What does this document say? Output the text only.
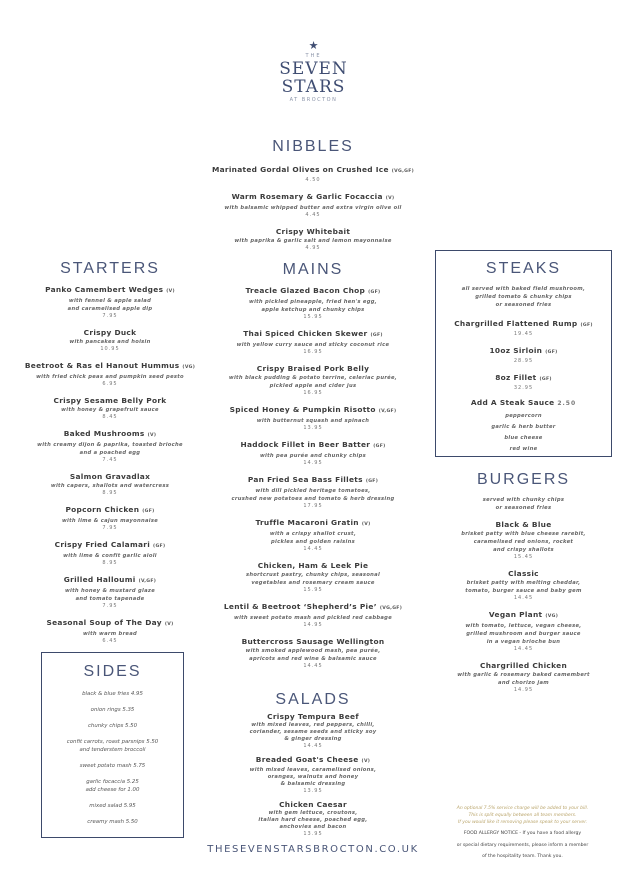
★
THE
SEVEN
STARS
AT BROCTON
NIBBLES
Marinated Gordal Olives on Crushed Ice (VG,GF)
4.50
Warm Rosemary & Garlic Focaccia (V)
with balsamic whipped butter and extra virgin olive oil
4.45
Crispy Whitebait
with paprika & garlic salt and lemon mayonnaise
4.95
STARTERS
Panko Camembert Wedges (V)
with fennel & apple salad
and caramelised apple dip
7.95
Crispy Duck
with pancakes and hoisin
10.95
Beetroot & Ras el Hanout Hummus (VG)
with fried chick peas and pumpkin seed pesto
6.95
Crispy Sesame Belly Pork
with honey & grapefruit sauce
8.45
Baked Mushrooms (V)
with creamy dijon & paprika, toasted brioche
and a poached egg
7.45
Salmon Gravadlax
with capers, shallots and watercress
8.95
Popcorn Chicken (GF)
with lime & cajun mayonnaise
7.95
Crispy Fried Calamari (GF)
with lime & confit garlic aioli
8.95
Grilled Halloumi (V,GF)
with honey & mustard glaze
and tomato tapenade
7.95
Seasonal Soup of The Day (V)
with warm bread
6.45
MAINS
Treacle Glazed Bacon Chop (GF)
with pickled pineapple, fried hen's egg,
apple ketchup and chunky chips
15.95
Thai Spiced Chicken Skewer (GF)
with yellow curry sauce and sticky coconut rice
16.95
Crispy Braised Pork Belly
with black pudding & potato terrine, celeriac purée,
pickled apple and cider jus
16.95
Spiced Honey & Pumpkin Risotto (V,GF)
with butternut squash and spinach
13.95
Haddock Fillet in Beer Batter (GF)
with pea purée and chunky chips
14.95
Pan Fried Sea Bass Fillets (GF)
with dill pickled heritage tomatoes,
crushed new potatoes and tomato & herb dressing
17.95
Truffle Macaroni Gratin (V)
with a crispy shallot crust,
pickles and golden raisins
14.45
Chicken, Ham & Leek Pie
shortcrust pastry, chunky chips, seasonal
vegetables and rosemary cream sauce
15.95
Lentil & Beetroot ‘Shepherd’s Pie’ (VG,GF)
with sweet potato mash and pickled red cabbage
14.95
Buttercross Sausage Wellington
with smoked applewood mash, pea purée,
apricots and red wine & balsamic sauce
14.45
SALADS
Crispy Tempura Beef
with mixed leaves, red peppers, chilli,
coriander, sesame seeds and sticky soy
& ginger dressing
14.45
Breaded Goat's Cheese (V)
with mixed leaves, caramelised onions,
oranges, walnuts and honey
& balsamic dressing
13.95
Chicken Caesar
with gem lettuce, croutons,
italian hard cheese, poached egg,
anchovies and bacon
13.95
STEAKS
all served with baked field mushroom,
grilled tomato & chunky chips
or seasoned fries
Chargrilled Flattened Rump (GF)
19.45
10oz Sirloin (GF)
28.95
8oz Fillet (GF)
32.95
Add A Steak Sauce 2.50
peppercorn
garlic & herb butter
blue cheese
red wine
BURGERS
served with chunky chips
or seasoned fries
Black & Blue
brisket patty with blue cheese rarebit,
caramelised red onions, rocket
and crispy shallots
15.45
Classic
brisket patty with melting cheddar,
tomato, burger sauce and baby gem
14.45
Vegan Plant (VG)
with tomato, lettuce, vegan cheese,
grilled mushroom and burger sauce
in a vegan brioche bun
14.45
Chargrilled Chicken
with garlic & rosemary baked camembert
and chorizo jam
14.95
SIDES
black & blue fries 4.95
onion rings 5.35
chunky chips 5.50
confit carrots, roast parsnips 5.50
and tenderstem broccoli
sweet potato mash 5.75
garlic focaccia 5.25
add cheese for 1.00
mixed salad 5.95
creamy mash 5.50
THESEVENSTARSBROCTON.CO.UK
An optional 7.5% service charge will be added to your bill.
This is split equally between all team members.
If you would like it removing please speak to your server.
FOOD ALLERGY NOTICE - If you have a food allergy
or special dietary requirements, please inform a member
of the hospitality team. Thank you.
